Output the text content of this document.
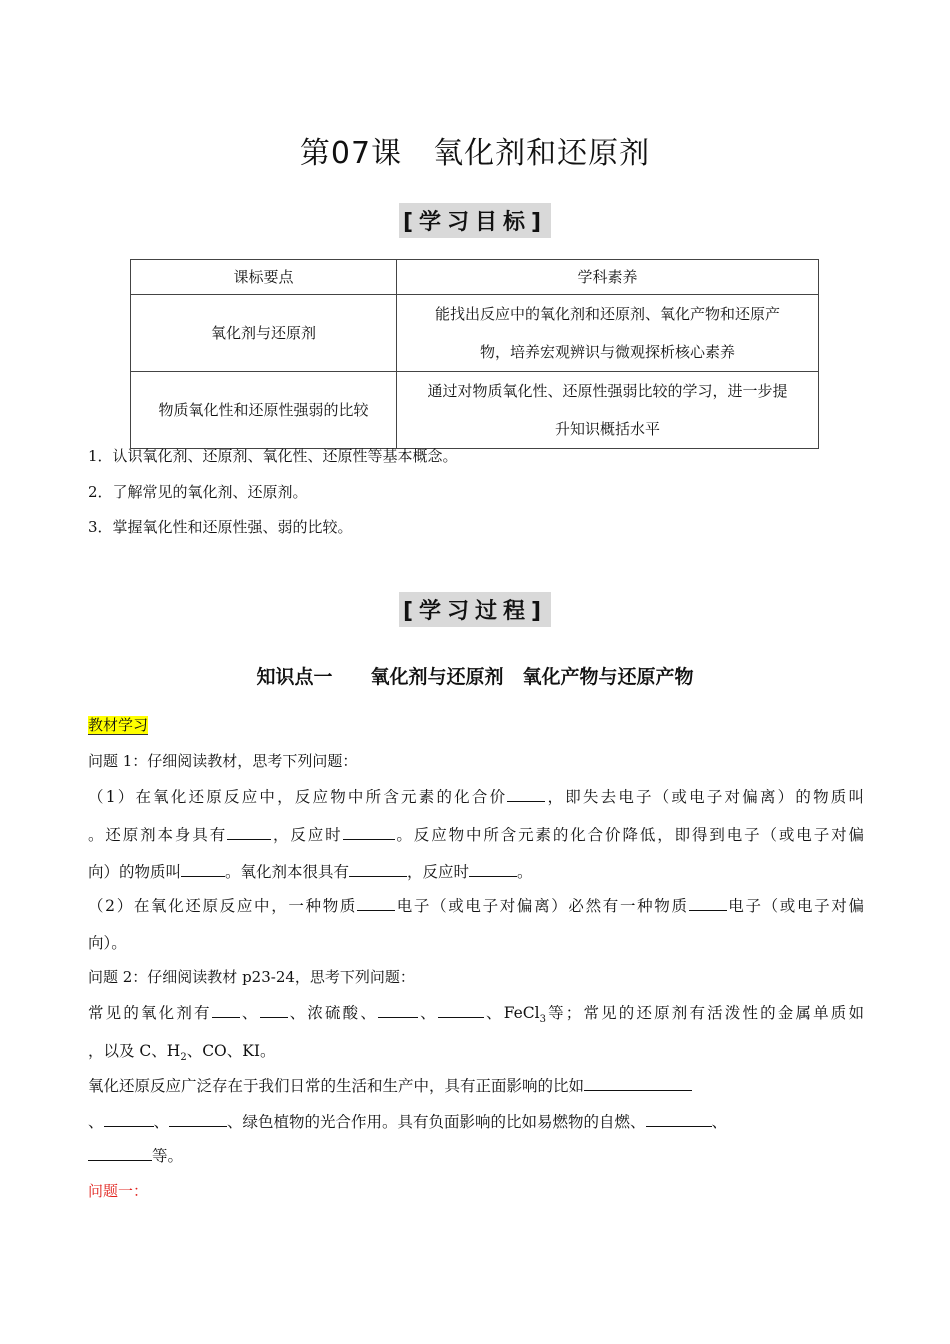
第07课　氧化剂和还原剂
[学习目标]
课标要点	学科素养
氧化剂与还原剂	能找出反应中的氧化剂和还原剂、氧化产物和还原产
物，培养宏观辨识与微观探析核心素养

物质氧化性和还原性强弱的比较	通过对物质氧化性、还原性强弱比较的学习，进一步提
升知识概括水平
1．认识氧化剂、还原剂、氧化性、还原性等基本概念。
2．了解常见的氧化剂、还原剂。
3．掌握氧化性和还原性强、弱的比较。
[学习过程]
知识点一　　氧化剂与还原剂　氧化产物与还原产物
教材学习
问题 1：仔细阅读教材，思考下列问题：
（1）在氧化还原反应中，反应物中所含元素的化合价 ，即失去电子（或电子对偏离）的物质叫
。还原剂本身具有	，反应时	。反应物中所含元素的化合价降低，即得到电子（或电子对偏
向）的物质叫	。氧化剂本很具有	，反应时	。
（2）在氧化还原反应中，一种物质 电子（或电子对偏离）必然有一种物质 电子（或电子对偏
向）。
问题 2：仔细阅读教材 p23-24，思考下列问题：
常见的氧化剂有 、 、浓硫酸、	、	、FeCl$_3$等；常见的还原剂有活泼性的金属单质如
，以及 C、$H_2$、CO、KI。
氧化还原反应广泛存在于我们日常的生活和生产中，具有正面影响的比如
、	、	、绿色植物的光合作用。具有负面影响的比如易燃物的自燃、	、
等。
问题一：
